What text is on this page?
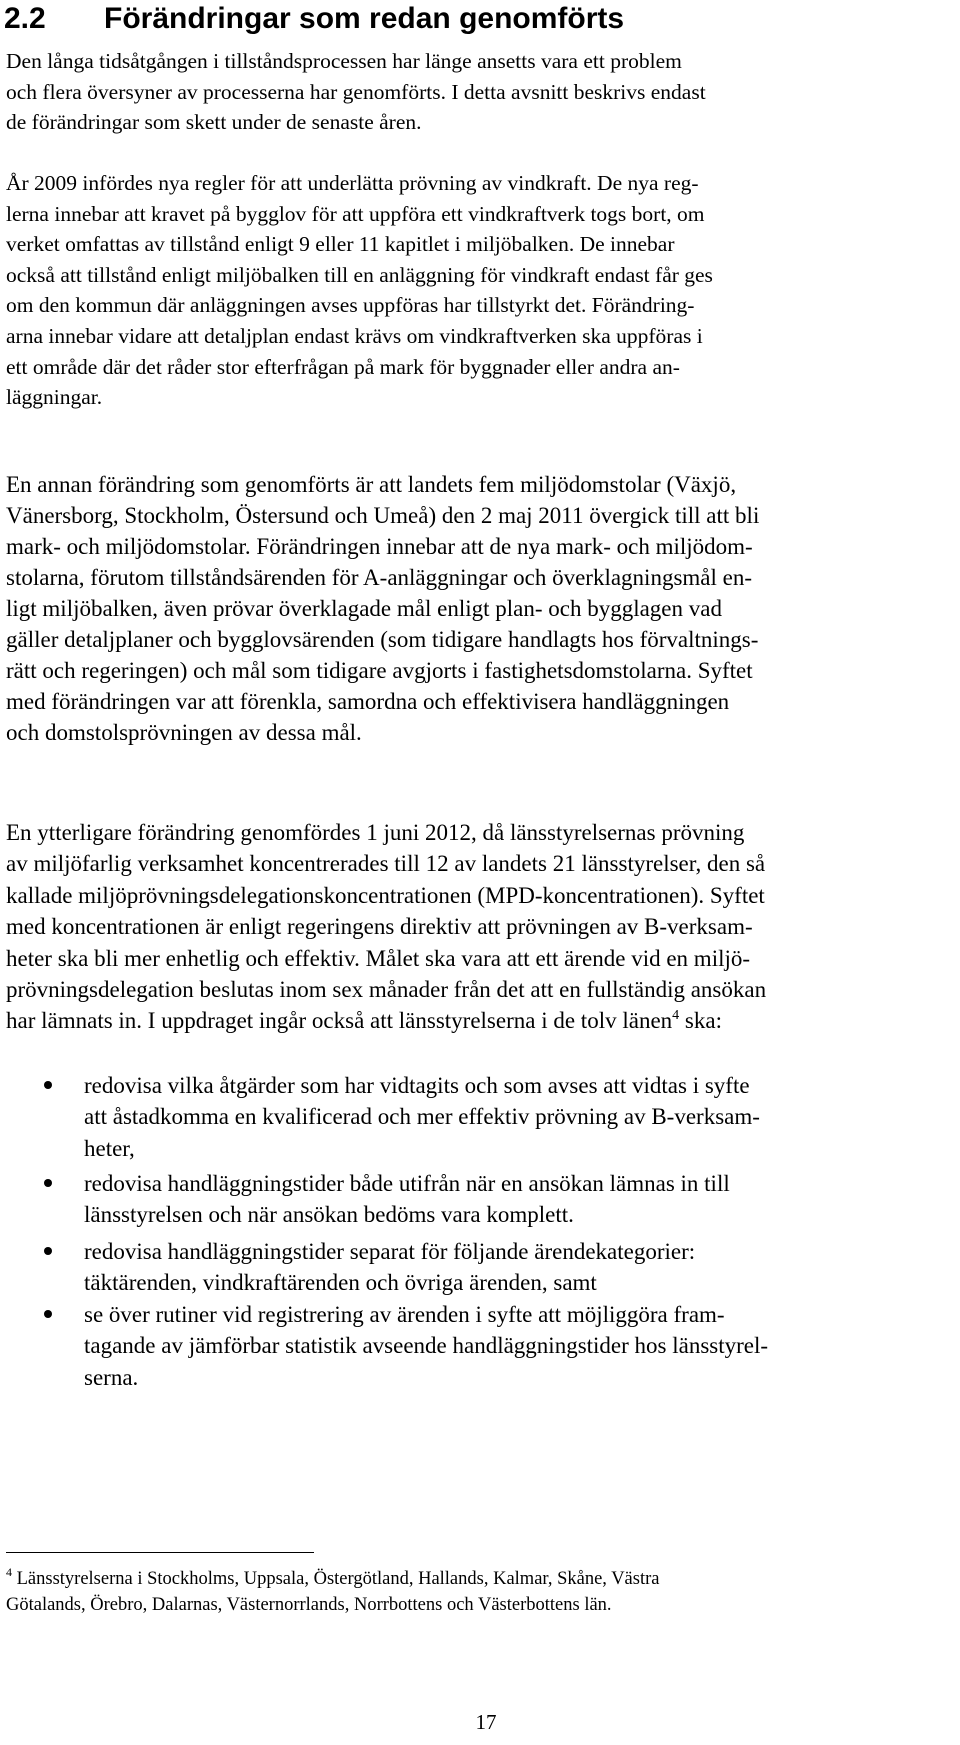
2.2 Förändringar som redan genomförts
Den långa tidsåtgången i tillståndsprocessen har länge ansetts vara ett problem
och flera översyner av processerna har genomförts. I detta avsnitt beskrivs endast
de förändringar som skett under de senaste åren.
År 2009 infördes nya regler för att underlätta prövning av vindkraft. De nya reg-
lerna innebar att kravet på bygglov för att uppföra ett vindkraftverk togs bort, om
verket omfattas av tillstånd enligt 9 eller 11 kapitlet i miljöbalken. De innebar
också att tillstånd enligt miljöbalken till en anläggning för vindkraft endast får ges
om den kommun där anläggningen avses uppföras har tillstyrkt det. Förändring-
arna innebar vidare att detaljplan endast krävs om vindkraftverken ska uppföras i
ett område där det råder stor efterfrågan på mark för byggnader eller andra an-
läggningar.
En annan förändring som genomförts är att landets fem miljödomstolar (Växjö,
Vänersborg, Stockholm, Östersund och Umeå) den 2 maj 2011 övergick till att bli
mark- och miljödomstolar. Förändringen innebar att de nya mark- och miljödom-
stolarna, förutom tillståndsärenden för A-anläggningar och överklagningsmål en-
ligt miljöbalken, även prövar överklagade mål enligt plan- och bygglagen vad
gäller detaljplaner och bygglovsärenden (som tidigare handlagts hos förvaltnings-
rätt och regeringen) och mål som tidigare avgjorts i fastighetsdomstolarna. Syftet
med förändringen var att förenkla, samordna och effektivisera handläggningen
och domstolsprövningen av dessa mål.
En ytterligare förändring genomfördes 1 juni 2012, då länsstyrelsernas prövning
av miljöfarlig verksamhet koncentrerades till 12 av landets 21 länsstyrelser, den så
kallade miljöprövningsdelegationskoncentrationen (MPD-koncentrationen). Syftet
med koncentrationen är enligt regeringens direktiv att prövningen av B-verksam-
heter ska bli mer enhetlig och effektiv. Målet ska vara att ett ärende vid en miljö-
prövningsdelegation beslutas inom sex månader från det att en fullständig ansökan
har lämnats in. I uppdraget ingår också att länsstyrelserna i de tolv länen$^4$ ska:
redovisa vilka åtgärder som har vidtagits och som avses att vidtas i syfte
att åstadkomma en kvalificerad och mer effektiv prövning av B-verksam-
heter,
redovisa handläggningstider både utifrån när en ansökan lämnas in till
länsstyrelsen och när ansökan bedöms vara komplett.
redovisa handläggningstider separat för följande ärendekategorier:
täktärenden, vindkraftärenden och övriga ärenden, samt
se över rutiner vid registrering av ärenden i syfte att möjliggöra fram-
tagande av jämförbar statistik avseende handläggningstider hos länsstyrel-
serna.
$^4$ Länsstyrelserna i Stockholms, Uppsala, Östergötland, Hallands, Kalmar, Skåne, Västra
Götalands, Örebro, Dalarnas, Västernorrlands, Norrbottens och Västerbottens län.
17
